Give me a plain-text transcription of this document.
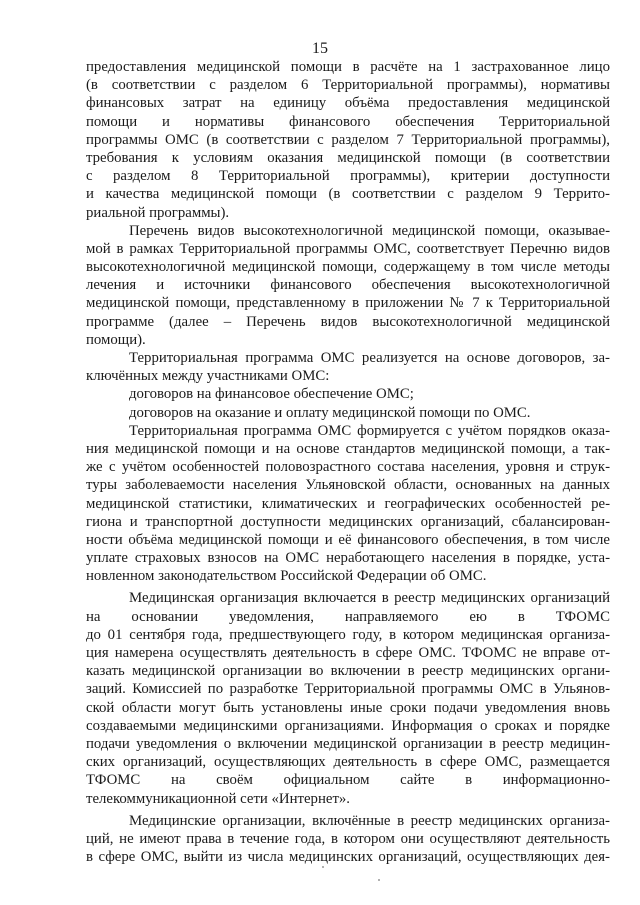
15
предоставления медицинской помощи в расчёте на 1 застрахованное лицо
(в соответствии с разделом 6 Территориальной программы), нормативы
финансовых затрат на единицу объёма предоставления медицинской
помощи и нормативы финансового обеспечения Территориальной
программы ОМС (в соответствии с разделом 7 Территориальной программы),
требования к условиям оказания медицинской помощи (в соответствии
с разделом 8 Территориальной программы), критерии доступности
и качества медицинской помощи (в соответствии с разделом 9 Террито-
риальной программы).
Перечень видов высокотехнологичной медицинской помощи, оказывае-
мой в рамках Территориальной программы ОМС, соответствует Перечню видов
высокотехнологичной медицинской помощи, содержащему в том числе методы
лечения и источники финансового обеспечения высокотехнологичной
медицинской помощи, представленному в приложении № 7 к Территориальной
программе (далее – Перечень видов высокотехнологичной медицинской
помощи).
Территориальная программа ОМС реализуется на основе договоров, за-
ключённых между участниками ОМС:
договоров на финансовое обеспечение ОМС;
договоров на оказание и оплату медицинской помощи по ОМС.
Территориальная программа ОМС формируется с учётом порядков оказа-
ния медицинской помощи и на основе стандартов медицинской помощи, а так-
же с учётом особенностей половозрастного состава населения, уровня и струк-
туры заболеваемости населения Ульяновской области, основанных на данных
медицинской статистики, климатических и географических особенностей ре-
гиона и транспортной доступности медицинских организаций, сбалансирован-
ности объёма медицинской помощи и её финансового обеспечения, в том числе
уплате страховых взносов на ОМС неработающего населения в порядке, уста-
новленном законодательством Российской Федерации об ОМС.
Медицинская организация включается в реестр медицинских организаций
на основании уведомления, направляемого ею в ТФОМС
до 01 сентября года, предшествующего году, в котором медицинская организа-
ция намерена осуществлять деятельность в сфере ОМС. ТФОМС не вправе от-
казать медицинской организации во включении в реестр медицинских органи-
заций. Комиссией по разработке Территориальной программы ОМС в Ульянов-
ской области могут быть установлены иные сроки подачи уведомления вновь
создаваемыми медицинскими организациями. Информация о сроках и порядке
подачи уведомления о включении медицинской организации в реестр медицин-
ских организаций, осуществляющих деятельность в сфере ОМС, размещается
ТФОМС на своём официальном сайте в информационно-
телекоммуникационной сети «Интернет».
Медицинские организации, включённые в реестр медицинских организа-
ций, не имеют права в течение года, в котором они осуществляют деятельность
в сфере ОМС, выйти из числа медицинских организаций, осуществляющих дея-
